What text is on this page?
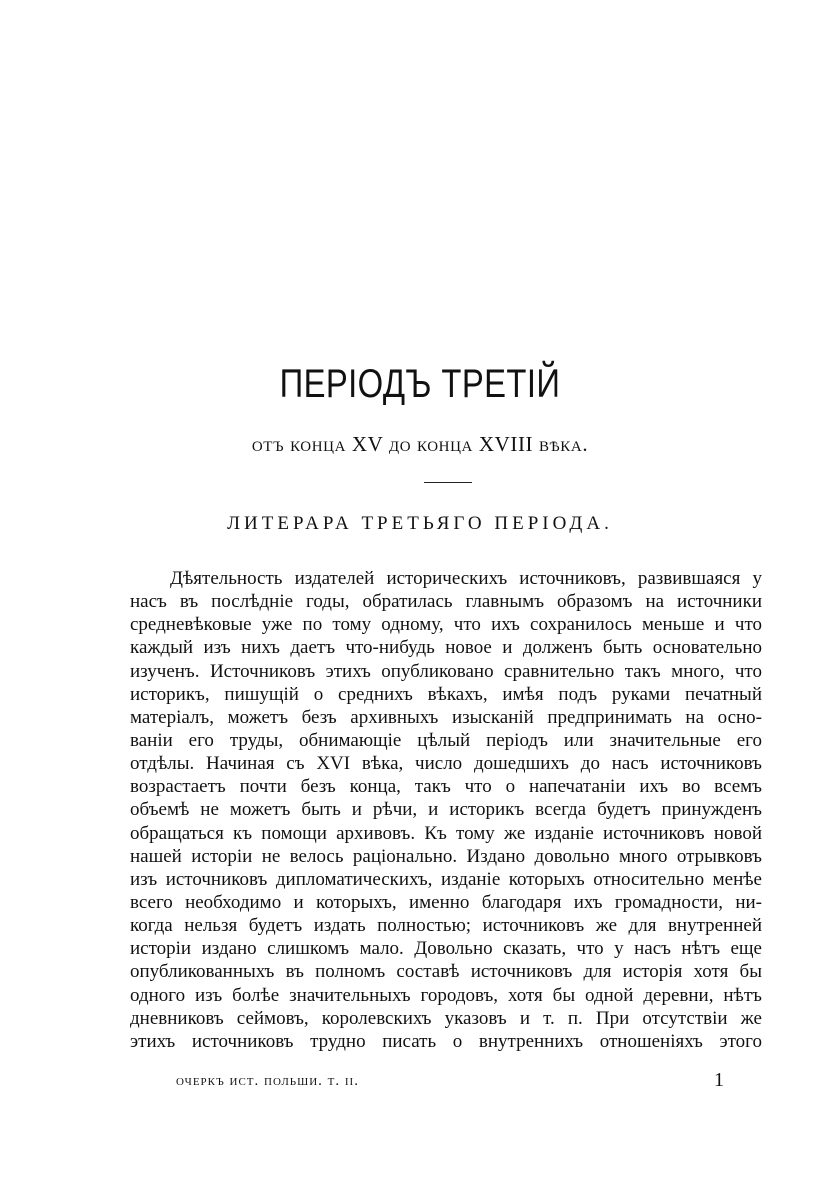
ПЕРІОДЪ ТРЕТІЙ

отъ конца XV до конца XVIII вѣка.

ЛИТЕРАРА ТРЕТЬЯГО ПЕРІОДА.
Дѣятельность издателей историческихъ источниковъ, развившаяся у
насъ въ послѣдніе годы, обратилась главнымъ образомъ на источники
средневѣковые уже по тому одному, что ихъ сохранилось меньше и что
каждый изъ нихъ даетъ что-нибудь новое и долженъ быть основательно
изученъ. Источниковъ этихъ опубликовано сравнительно такъ много, что
историкъ, пишущій о среднихъ вѣкахъ, имѣя подъ руками печатный
матеріалъ, можетъ безъ архивныхъ изысканій предпринимать на осно-
ваніи его труды, обнимающіе цѣлый періодъ или значительные его
отдѣлы. Начиная съ XVI вѣка, число дошедшихъ до насъ источниковъ
возрастаетъ почти безъ конца, такъ что о напечатаніи ихъ во всемъ
объемѣ не можетъ быть и рѣчи, и историкъ всегда будетъ принужденъ
обращаться къ помощи архивовъ. Къ тому же изданіе источниковъ новой
нашей исторіи не велось раціонально. Издано довольно много отрывковъ
изъ источниковъ дипломатическихъ, изданіе которыхъ относительно менѣе
всего необходимо и которыхъ, именно благодаря ихъ громадности, ни-
когда нельзя будетъ издать полностью; источниковъ же для внутренней
исторіи издано слишкомъ мало. Довольно сказать, что у насъ нѣтъ еще
опубликованныхъ въ полномъ составѣ источниковъ для исторія хотя бы
одного изъ болѣе значительныхъ городовъ, хотя бы одной деревни, нѣтъ
дневниковъ сеймовъ, королевскихъ указовъ и т. п. При отсутствіи же
этихъ источниковъ трудно писать о внутреннихъ отношеніяхъ этого
очеркъ ист. польши. т. ii.	1
